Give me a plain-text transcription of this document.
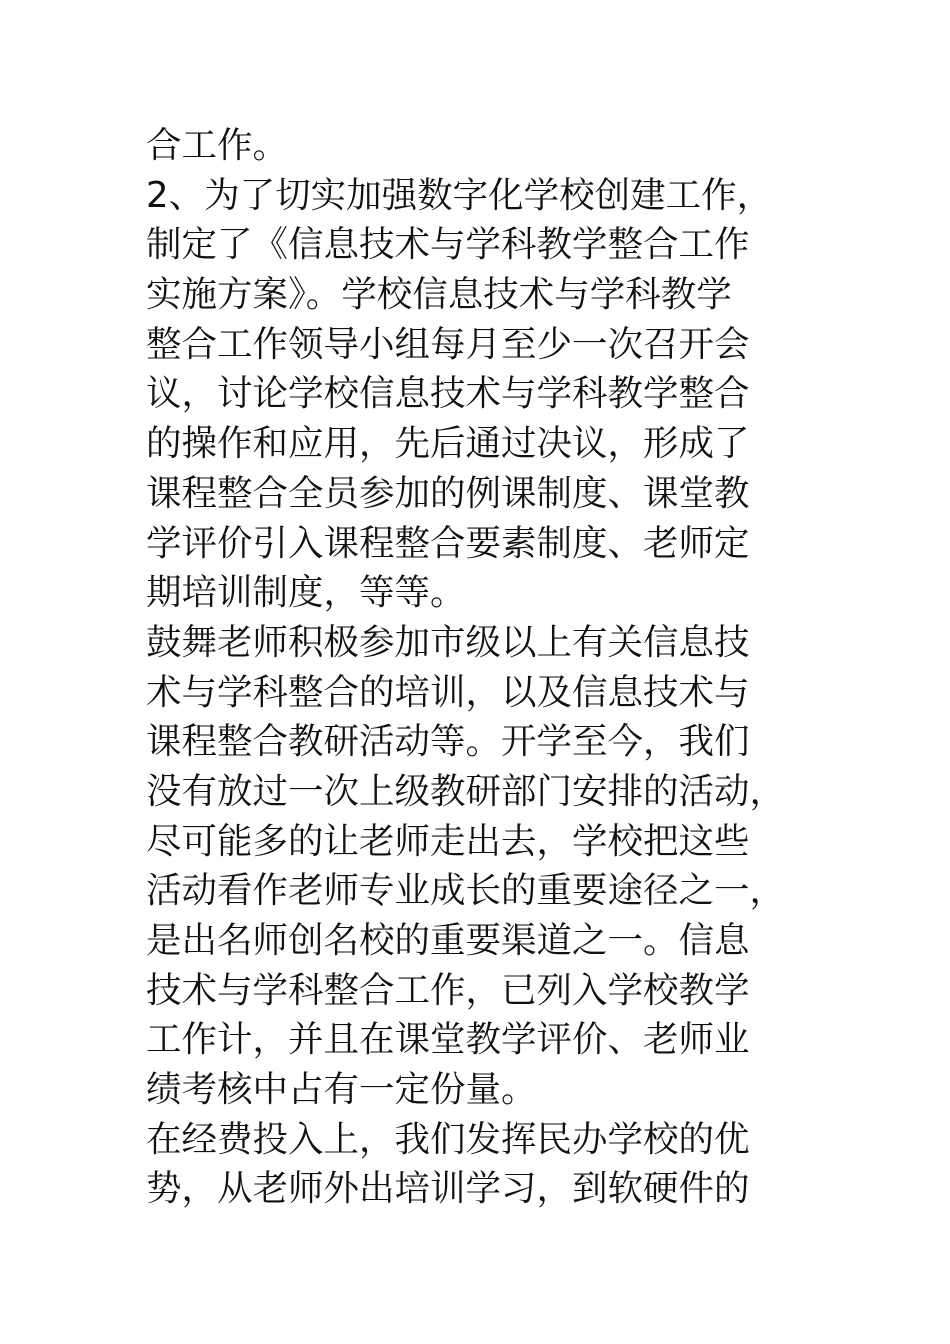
合工作。
2、为了切实加强数字化学校创建工作，
制定了《信息技术与学科教学整合工作
实施方案》。学校信息技术与学科教学
整合工作领导小组每月至少一次召开会
议，讨论学校信息技术与学科教学整合
的操作和应用，先后通过决议，形成了
课程整合全员参加的例课制度、课堂教
学评价引入课程整合要素制度、老师定
期培训制度，等等。
鼓舞老师积极参加市级以上有关信息技
术与学科整合的培训，以及信息技术与
课程整合教研活动等。开学至今，我们
没有放过一次上级教研部门安排的活动，
尽可能多的让老师走出去，学校把这些
活动看作老师专业成长的重要途径之一，
是出名师创名校的重要渠道之一。信息
技术与学科整合工作，已列入学校教学
工作计，并且在课堂教学评价、老师业
绩考核中占有一定份量。
在经费投入上，我们发挥民办学校的优
势，从老师外出培训学习，到软硬件的
